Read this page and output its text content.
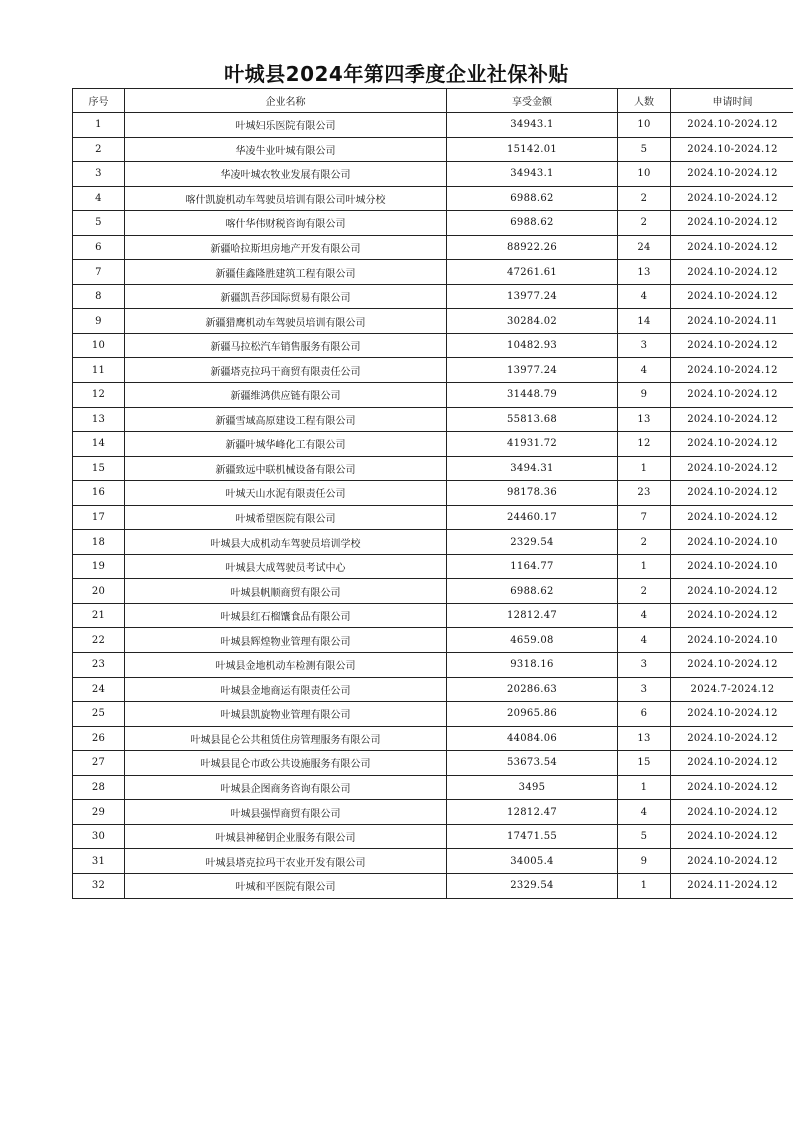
叶城县2024年第四季度企业社保补贴
序号	企业名称	享受金额	人数	申请时间
1	叶城妇乐医院有限公司	34943.1	10	2024.10-2024.12
2	华凌牛业叶城有限公司	15142.01	5	2024.10-2024.12
3	华凌叶城农牧业发展有限公司	34943.1	10	2024.10-2024.12
4	喀什凯旋机动车驾驶员培训有限公司叶城分校	6988.62	2	2024.10-2024.12
5	喀什华伟财税咨询有限公司	6988.62	2	2024.10-2024.12
6	新疆哈拉斯坦房地产开发有限公司	88922.26	24	2024.10-2024.12
7	新疆佳鑫隆胜建筑工程有限公司	47261.61	13	2024.10-2024.12
8	新疆凯吾莎国际贸易有限公司	13977.24	4	2024.10-2024.12
9	新疆猎鹰机动车驾驶员培训有限公司	30284.02	14	2024.10-2024.11
10	新疆马拉松汽车销售服务有限公司	10482.93	3	2024.10-2024.12
11	新疆塔克拉玛干商贸有限责任公司	13977.24	4	2024.10-2024.12
12	新疆维鸿供应链有限公司	31448.79	9	2024.10-2024.12
13	新疆雪域高原建设工程有限公司	55813.68	13	2024.10-2024.12
14	新疆叶城华峰化工有限公司	41931.72	12	2024.10-2024.12
15	新疆致远中联机械设备有限公司	3494.31	1	2024.10-2024.12
16	叶城天山水泥有限责任公司	98178.36	23	2024.10-2024.12
17	叶城希望医院有限公司	24460.17	7	2024.10-2024.12
18	叶城县大成机动车驾驶员培训学校	2329.54	2	2024.10-2024.10
19	叶城县大成驾驶员考试中心	1164.77	1	2024.10-2024.10
20	叶城县帆顺商贸有限公司	6988.62	2	2024.10-2024.12
21	叶城县红石榴馕食品有限公司	12812.47	4	2024.10-2024.12
22	叶城县辉煌物业管理有限公司	4659.08	4	2024.10-2024.10
23	叶城县金地机动车检测有限公司	9318.16	3	2024.10-2024.12
24	叶城县金地商运有限责任公司	20286.63	3	2024.7-2024.12
25	叶城县凯旋物业管理有限公司	20965.86	6	2024.10-2024.12
26	叶城县昆仑公共租赁住房管理服务有限公司	44084.06	13	2024.10-2024.12
27	叶城县昆仑市政公共设施服务有限公司	53673.54	15	2024.10-2024.12
28	叶城县企图商务咨询有限公司	3495	1	2024.10-2024.12
29	叶城县强悍商贸有限公司	12812.47	4	2024.10-2024.12
30	叶城县神秘钥企业服务有限公司	17471.55	5	2024.10-2024.12
31	叶城县塔克拉玛干农业开发有限公司	34005.4	9	2024.10-2024.12
32	叶城和平医院有限公司	2329.54	1	2024.11-2024.12
